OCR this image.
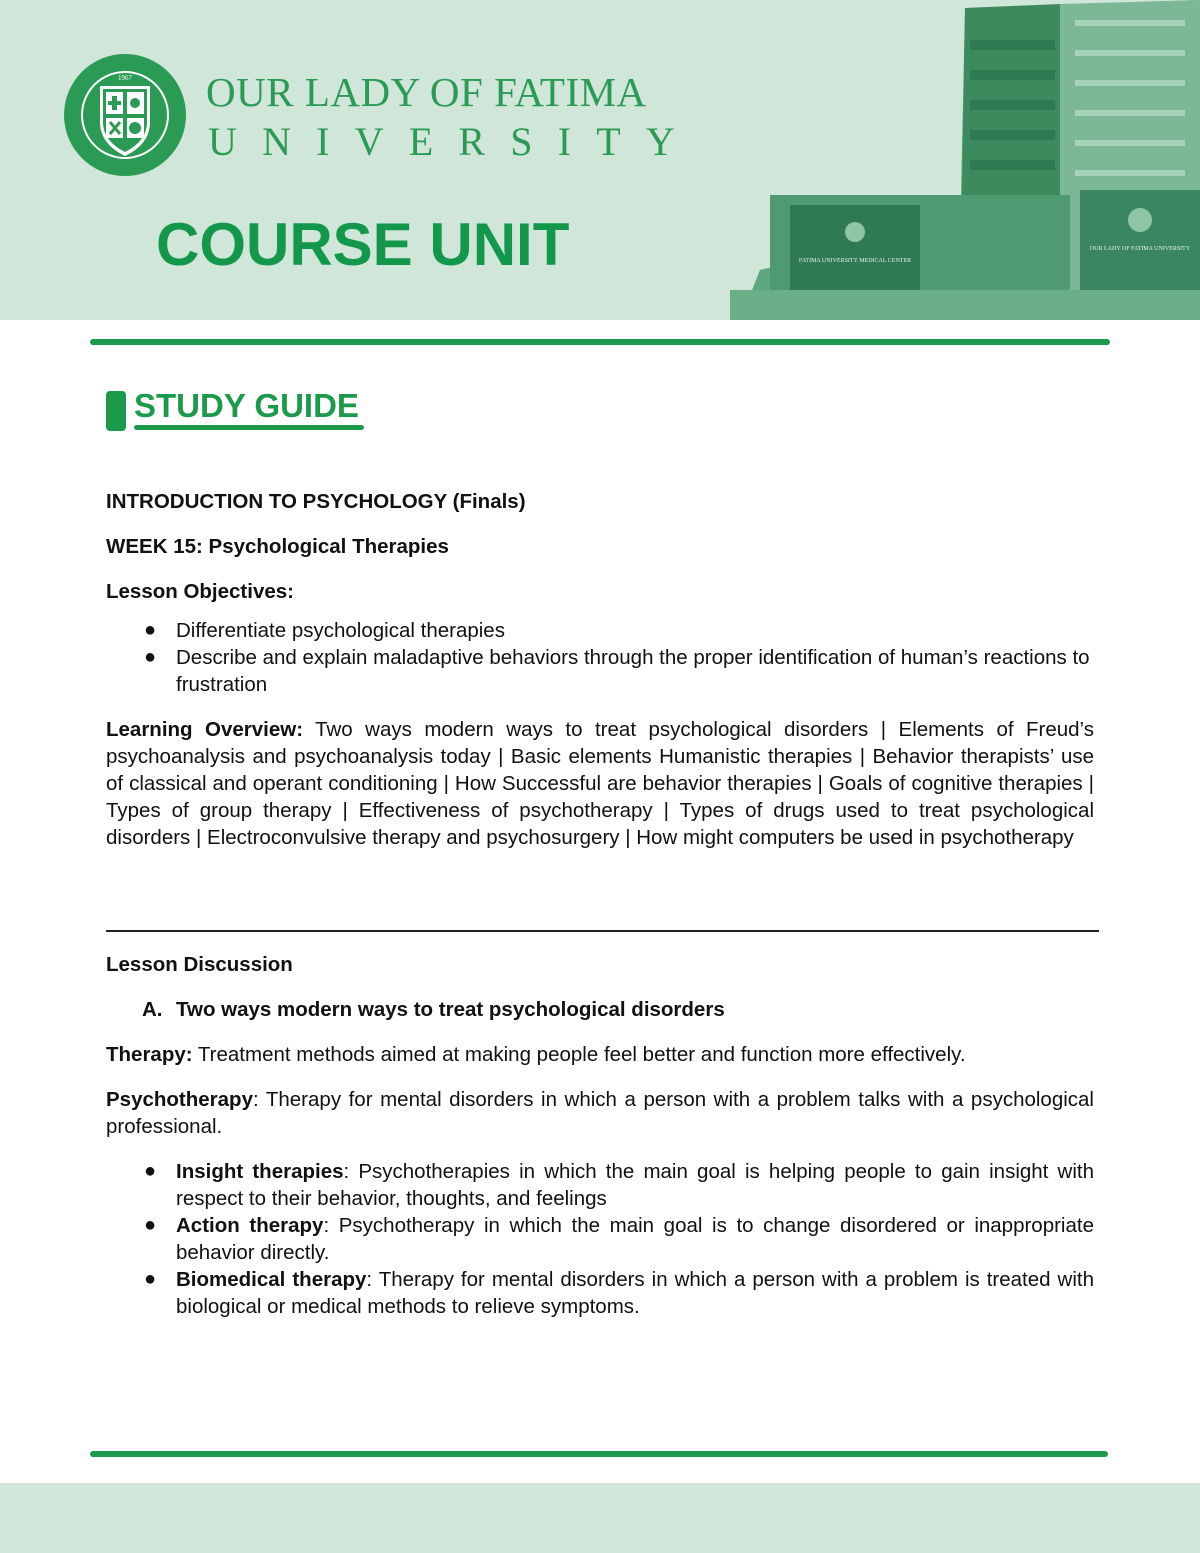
1967 OUR LADY OF FATIMA
UNIVERSITY
COURSE UNIT	FATIMA UNIVERSITY MEDICAL CENTER
OUR LADY OF FATIMA UNIVERSITY
STUDY GUIDE

INTRODUCTION TO PSYCHOLOGY (Finals)

WEEK 15: Psychological Therapies

Lesson Objectives:

● Differentiate psychological therapies
● Describe and explain maladaptive behaviors through the proper identification of human’s reactions to frustration

Learning Overview: Two ways modern ways to treat psychological disorders | Elements of Freud’s psychoanalysis and psychoanalysis today | Basic elements Humanistic therapies | Behavior therapists’ use of classical and operant conditioning | How Successful are behavior therapies | Goals of cognitive therapies | Types of group therapy | Effectiveness of psychotherapy | Types of drugs used to treat psychological disorders | Electroconvulsive therapy and psychosurgery | How might computers be used in psychotherapy

Lesson Discussion

A. Two ways modern ways to treat psychological disorders

Therapy: Treatment methods aimed at making people feel better and function more effectively.

Psychotherapy: Therapy for mental disorders in which a person with a problem talks with a psychological professional.

● Insight therapies: Psychotherapies in which the main goal is helping people to gain insight with respect to their behavior, thoughts, and feelings
● Action therapy: Psychotherapy in which the main goal is to change disordered or inappropriate behavior directly.
● Biomedical therapy: Therapy for mental disorders in which a person with a problem is treated with biological or medical methods to relieve symptoms.
